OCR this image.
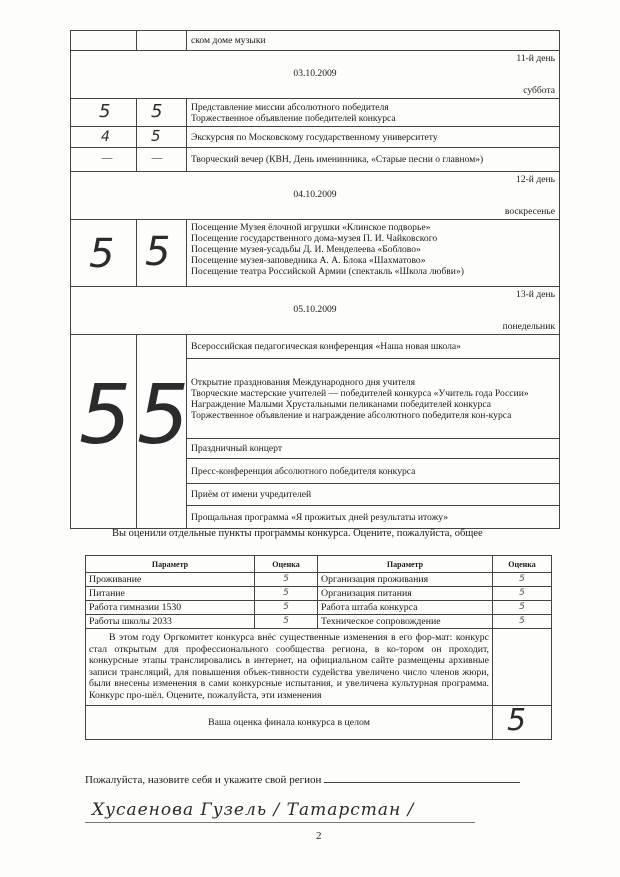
		ском доме музыки

11-й день
03.10.2009
суббота		

5	5	Представление миссии абсолютного победителя
Торжественное объявление победителей конкурса

4	5	Экскурсия по Московскому государственному университету

—	—	Творческий вечер (КВН, День именинника, «Старые песни о главном»)

12-й день
04.10.2009
воскресенье		

5	5	Посещение Музея ёлочной игрушки «Клинское подворье»
Посещение государственного дома-музея П. И. Чайковского
Посещение музея-усадьбы Д. И. Менделеева «Боблово»
Посещение музея-заповедника А. А. Блока «Шахматово»
Посещение театра Российской Армии (спектакль «Школа любви»)

13-й день
05.10.2009
понедельник		

5	5	Всероссийская педагогическая конференция «Наша новая школа»

		Открытие празднования Международного дня учителя
Творческие мастерские учителей — победителей конкурса «Учитель года России»
Награждение Малыми Хрустальными пеликанами победителей конкурса
Торжественное объявление и награждение абсолютного победителя кон-курса

		Праздничный концерт
		Пресс-конференция абсолютного победителя конкурса
		Приём от имени учредителей
		Прощальная программа «Я прожитых дней результаты итожу»
Вы оценили отдельные пункты программы конкурса. Оцените, пожалуйста, общее
Параметр	Оценка	Параметр	Оценка
Проживание	5	Организация проживания	5
Питание	5	Организация питания	5
Работа гимназии 1530	5	Работа штаба конкурса	5
Работы школы 2033	5	Техническое сопровождение	5

В этом году Оргкомитет конкурса внёс существенные изменения в его фор-мат: конкурс стал открытым для профессионального сообщества региона, в ко-тором он проходит, конкурсные этапы транслировались в интернет, на официальном сайте размещены архивные записи трансляций, для повышения объек-тивности судейства увеличено число членов жюри, были внесены изменения в сами конкурсные испытания, и увеличена культурная программа. Конкурс про-шёл. Оцените, пожалуйста, эти изменения			

Ваша оценка финала конкурса в целом			5
Пожалуйста, назовите себя и укажите свой регион
Хусаенова Гузель / Татарстан /
2
